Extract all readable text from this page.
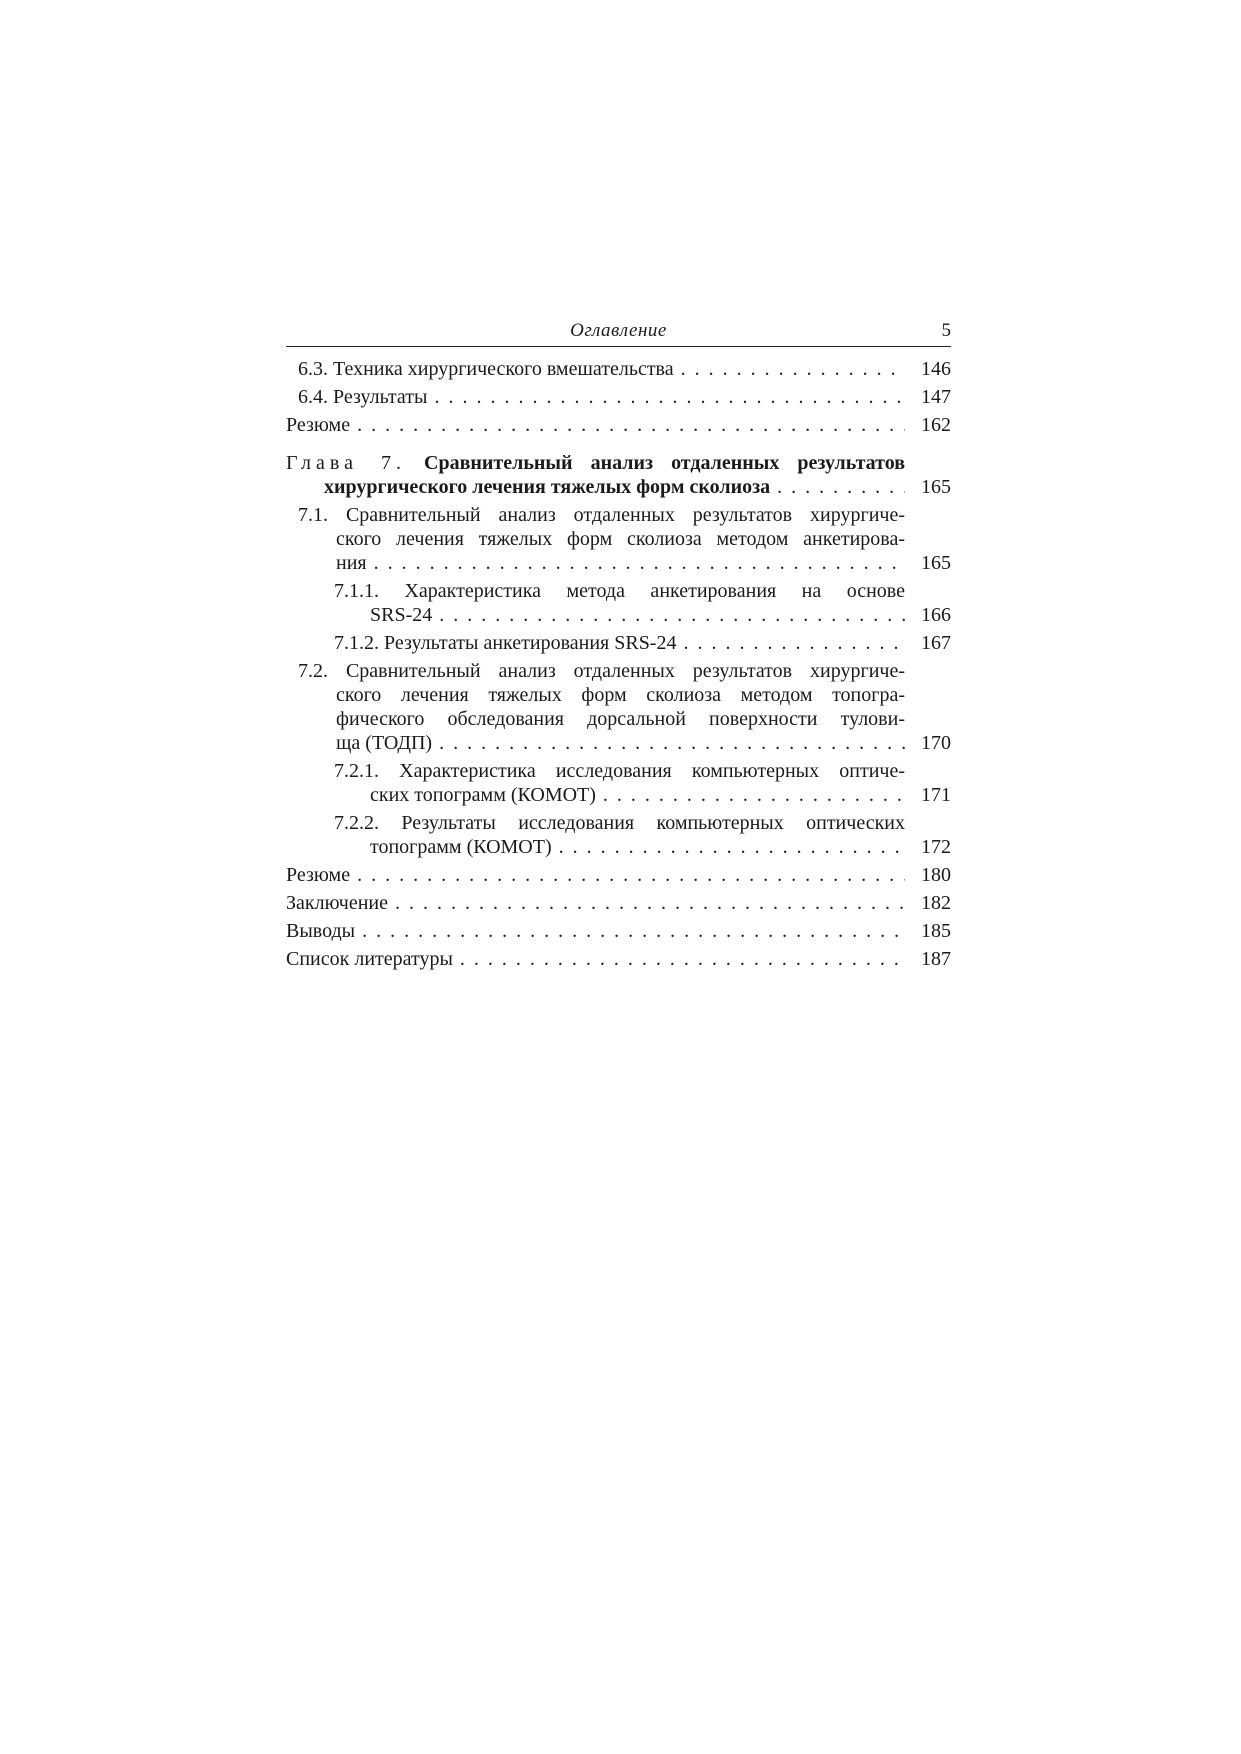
Оглавление	5
6.3. Техника хирургического вмешательства . . .	146
6.4. Результаты . . .	147
Резюме . . .	162
Глава 7. Сравнительный анализ отдаленных результатов
хирургического лечения тяжелых форм сколиоза . . .	165
7.1. Сравнительный анализ отдаленных результатов хирургиче-
ского лечения тяжелых форм сколиоза методом анкетирова-
ния . . .	165
7.1.1. Характеристика метода анкетирования на основе
SRS-24 . . .	166
7.1.2. Результаты анкетирования SRS-24 . . .	167
7.2. Сравнительный анализ отдаленных результатов хирургиче-
ского лечения тяжелых форм сколиоза методом топогра-
фического обследования дорсальной поверхности тулови-
ща (ТОДП) . . .	170
7.2.1. Характеристика исследования компьютерных оптиче-
ских топограмм (КОМОТ) . . .	171
7.2.2. Результаты исследования компьютерных оптических
топограмм (КОМОТ) . . .	172
Резюме . . .	180
Заключение . . .	182
Выводы . . .	185
Список литературы . . .	187
